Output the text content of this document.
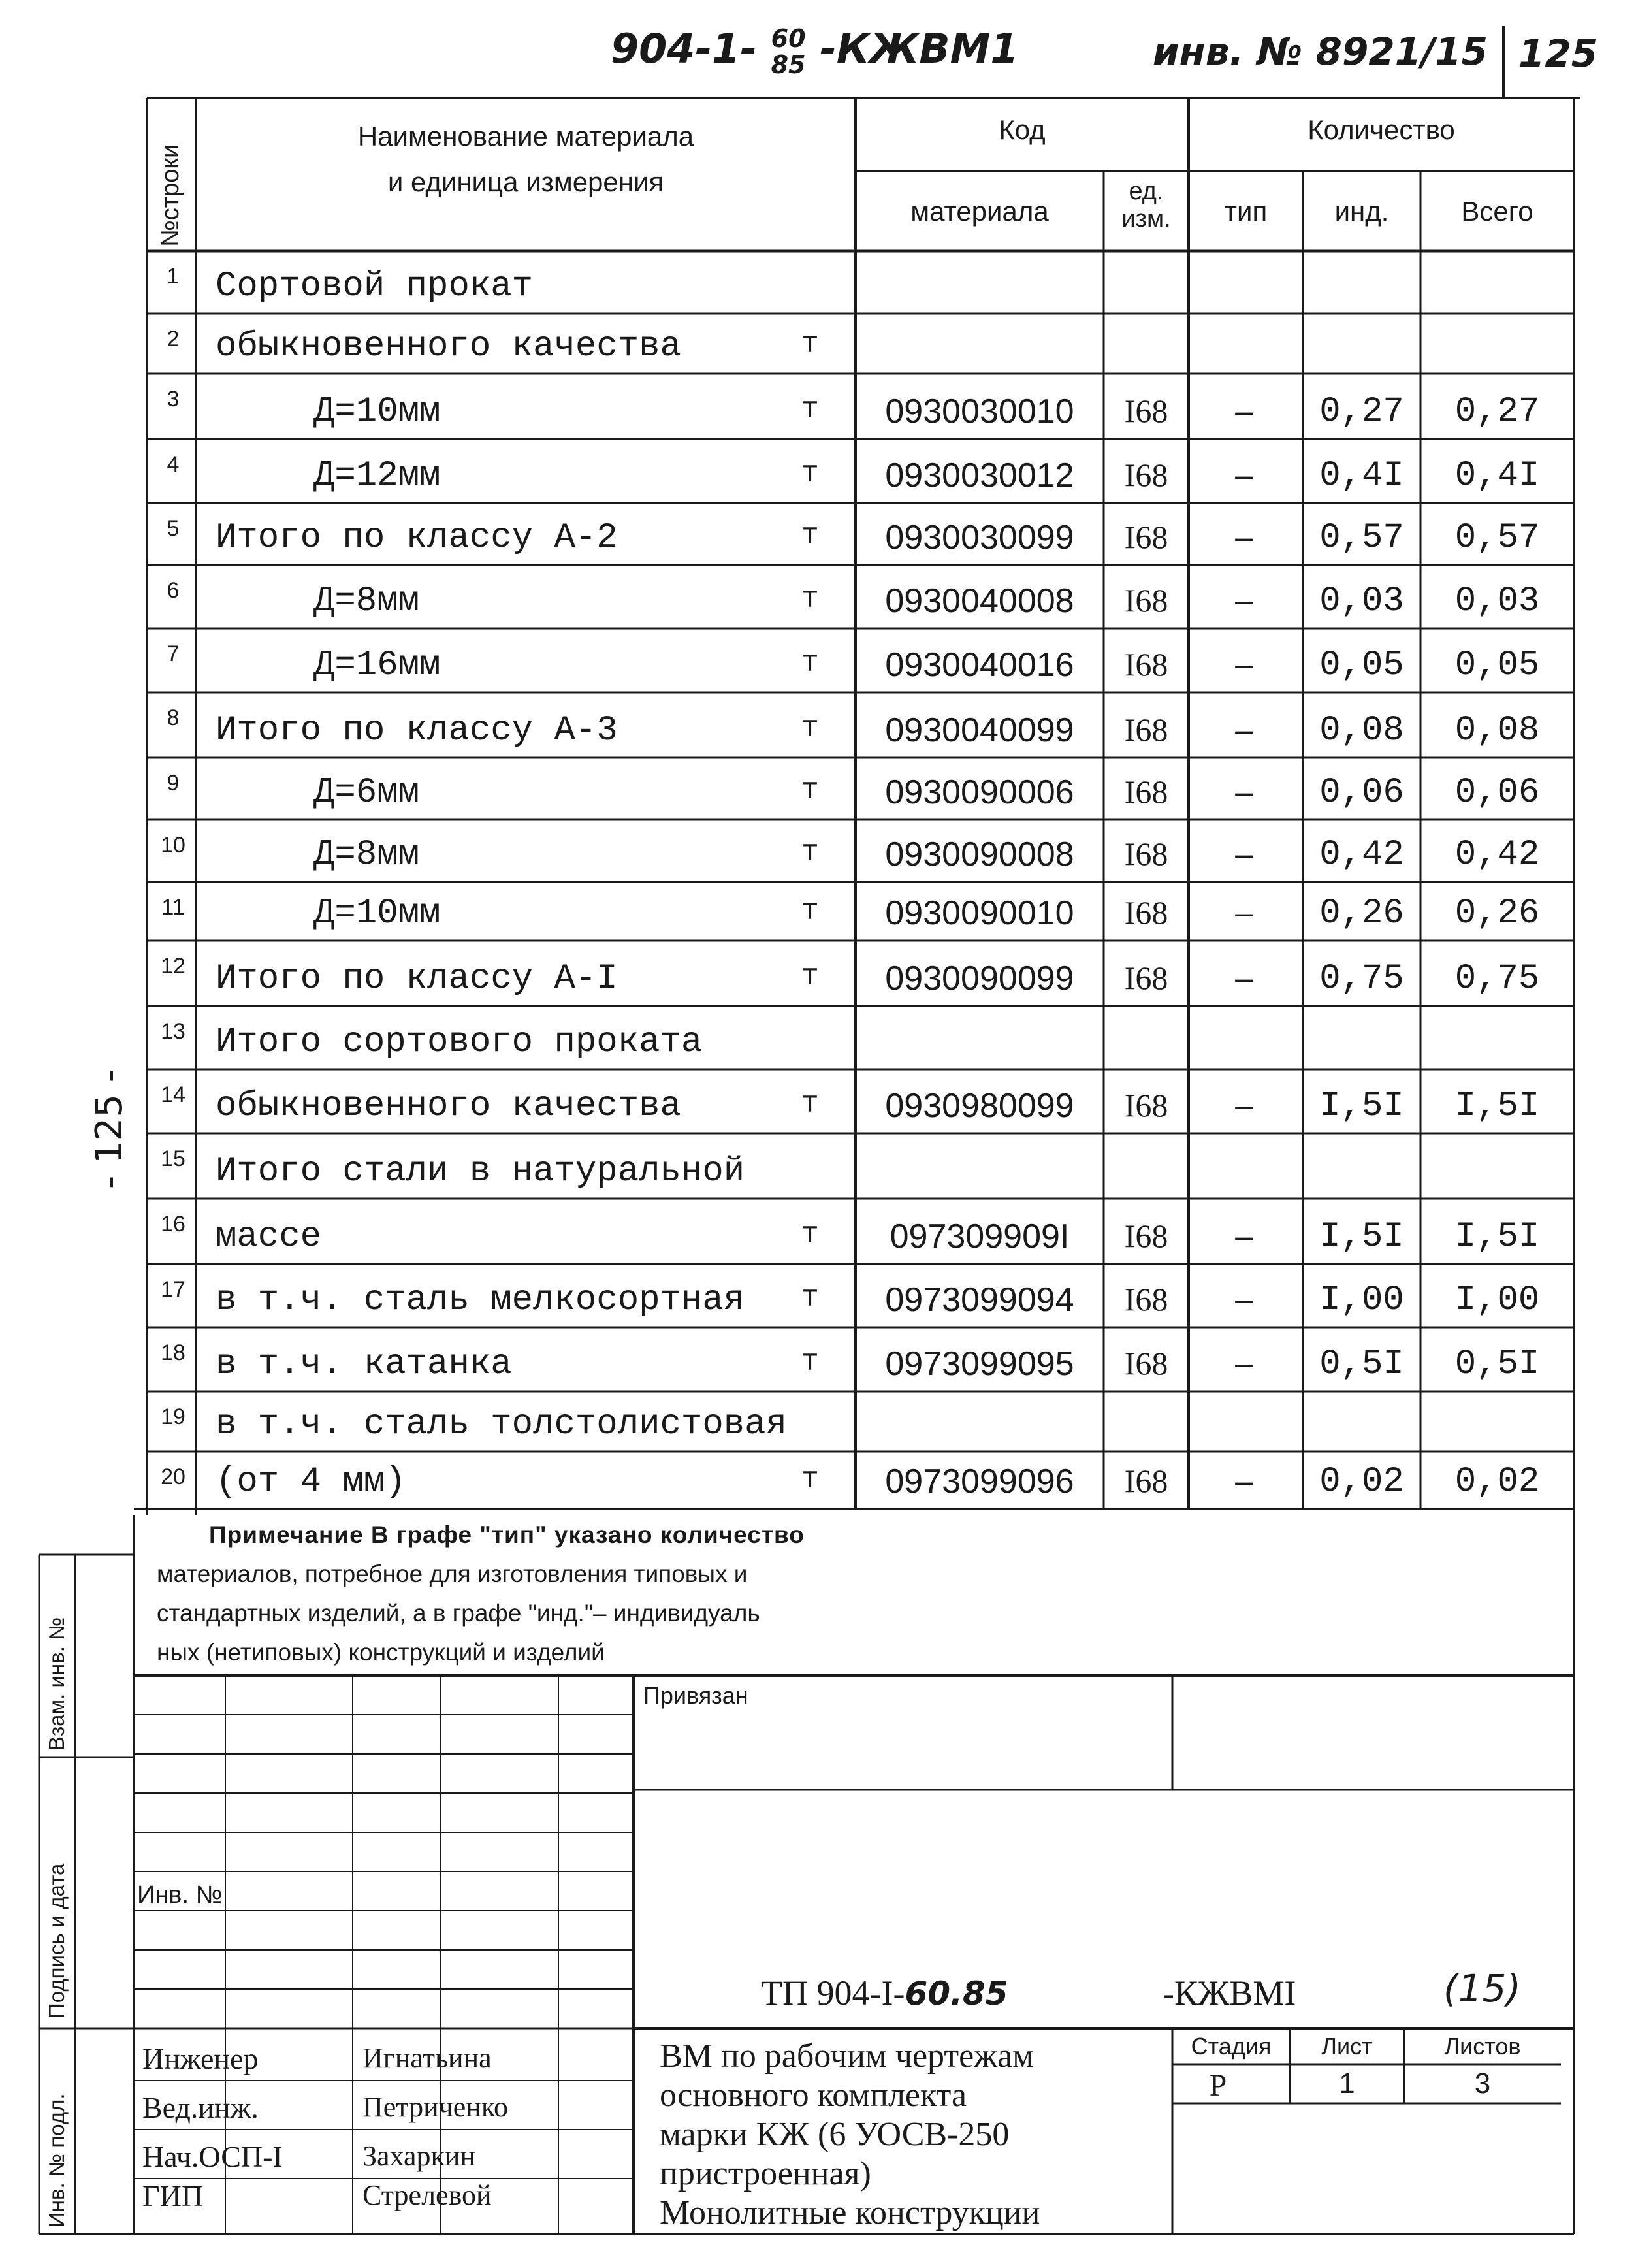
904-1- 60
85 -КЖВМ1	инв. № 8921/15 125
- 125 -
№строки
Наименование материала
и единица измерения
Код
материала
ед. изм.
Количество
тип	инд.	Всего
1	Сортовой прокат
2	обыкновенного качества	т
3	Д=10мм	т	0930030010	I68	–	0,27	0,27
4	Д=12мм	т	0930030012	I68	–	0,4I	0,4I
5	Итого по классу А-2	т	0930030099	I68	–	0,57	0,57
6	Д=8мм	т	0930040008	I68	–	0,03	0,03
7	Д=16мм	т	0930040016	I68	–	0,05	0,05
8	Итого по классу А-3	т	0930040099	I68	–	0,08	0,08
9	Д=6мм	т	0930090006	I68	–	0,06	0,06
10	Д=8мм	т	0930090008	I68	–	0,42	0,42
11	Д=10мм	т	0930090010	I68	–	0,26	0,26
12 Итого по классу А-I	т	0930090099	I68	–	0,75	0,75
13 Итого сортового проката
14 обыкновенного качества	т	0930980099	I68	–	I,5I	I,5I
15 Итого стали в натуральной
16 массе	т	097309909I	I68	–	I,5I	I,5I
17 в т.ч. сталь мелкосортная	т	0973099094	I68	–	I,00	I,00
18 в т.ч. катанка	т	0973099095	I68	–	0,5I	0,5I
19 в т.ч. сталь толстолистовая
20 (от 4 мм)	т	0973099096	I68	–	0,02	0,02
Примечание В графе "тип" указано количество
материалов, потребное для изготовления типовых и
стандартных изделий, а в графе "инд."– индивидуаль
ных (нетиповых) конструкций и изделий
Привязан
Инв. №
ТП 904-I-60.85	-КЖВМI	(15)
ВМ по рабочим чертежам
основного комплекта
марки КЖ (6 УОСВ-250
пристроенная)
Монолитные конструкции
Стадия	Лист	Листов
Р	1	3
Инженер	Игнатьина
Вед.инж.	Петриченко
Нач.ОСП-I	Захаркин
ГИП	Стрелевой
Взам. инв. №
Подпись и дата
Инв. № подл.
